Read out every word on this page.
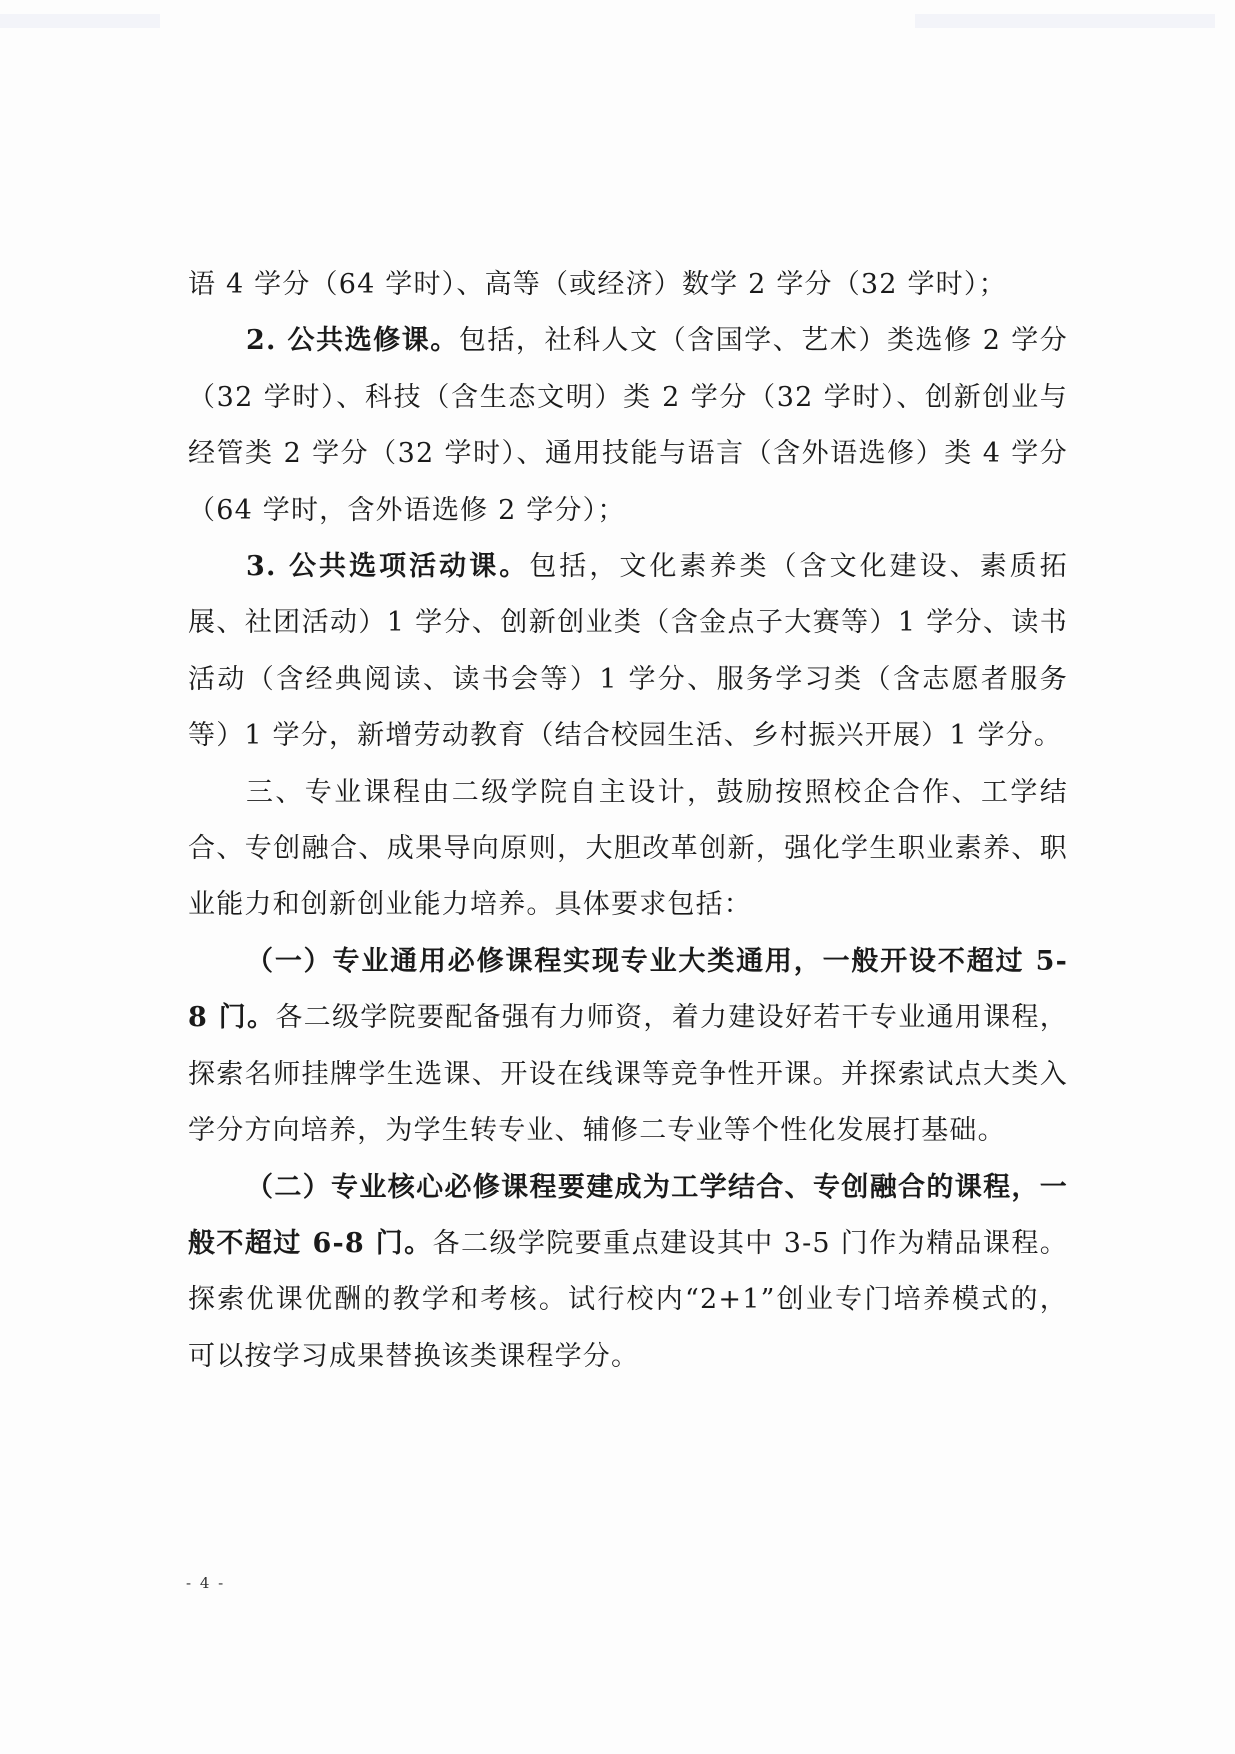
语 4 学分（64 学时）、高等（或经济）数学 2 学分（32 学时）；

2. 公共选修课。包括，社科人文（含国学、艺术）类选修 2 学分（32 学时）、科技（含生态文明）类 2 学分（32 学时）、创新创业与经管类 2 学分（32 学时）、通用技能与语言（含外语选修）类 4 学分（64 学时，含外语选修 2 学分）；

3. 公共选项活动课。包括，文化素养类（含文化建设、素质拓展、社团活动）1 学分、创新创业类（含金点子大赛等）1 学分、读书活动（含经典阅读、读书会等）1 学分、服务学习类（含志愿者服务等）1 学分，新增劳动教育（结合校园生活、乡村振兴开展）1 学分。

三、专业课程由二级学院自主设计，鼓励按照校企合作、工学结合、专创融合、成果导向原则，大胆改革创新，强化学生职业素养、职业能力和创新创业能力培养。具体要求包括：

（一）专业通用必修课程实现专业大类通用，一般开设不超过 5-8 门。各二级学院要配备强有力师资，着力建设好若干专业通用课程，探索名师挂牌学生选课、开设在线课等竞争性开课。并探索试点大类入学分方向培养，为学生转专业、辅修二专业等个性化发展打基础。

（二）专业核心必修课程要建成为工学结合、专创融合的课程，一般不超过 6-8 门。各二级学院要重点建设其中 3-5 门作为精品课程。探索优课优酬的教学和考核。试行校内“2+1”创业专门培养模式的，可以按学习成果替换该类课程学分。

- 4 -
